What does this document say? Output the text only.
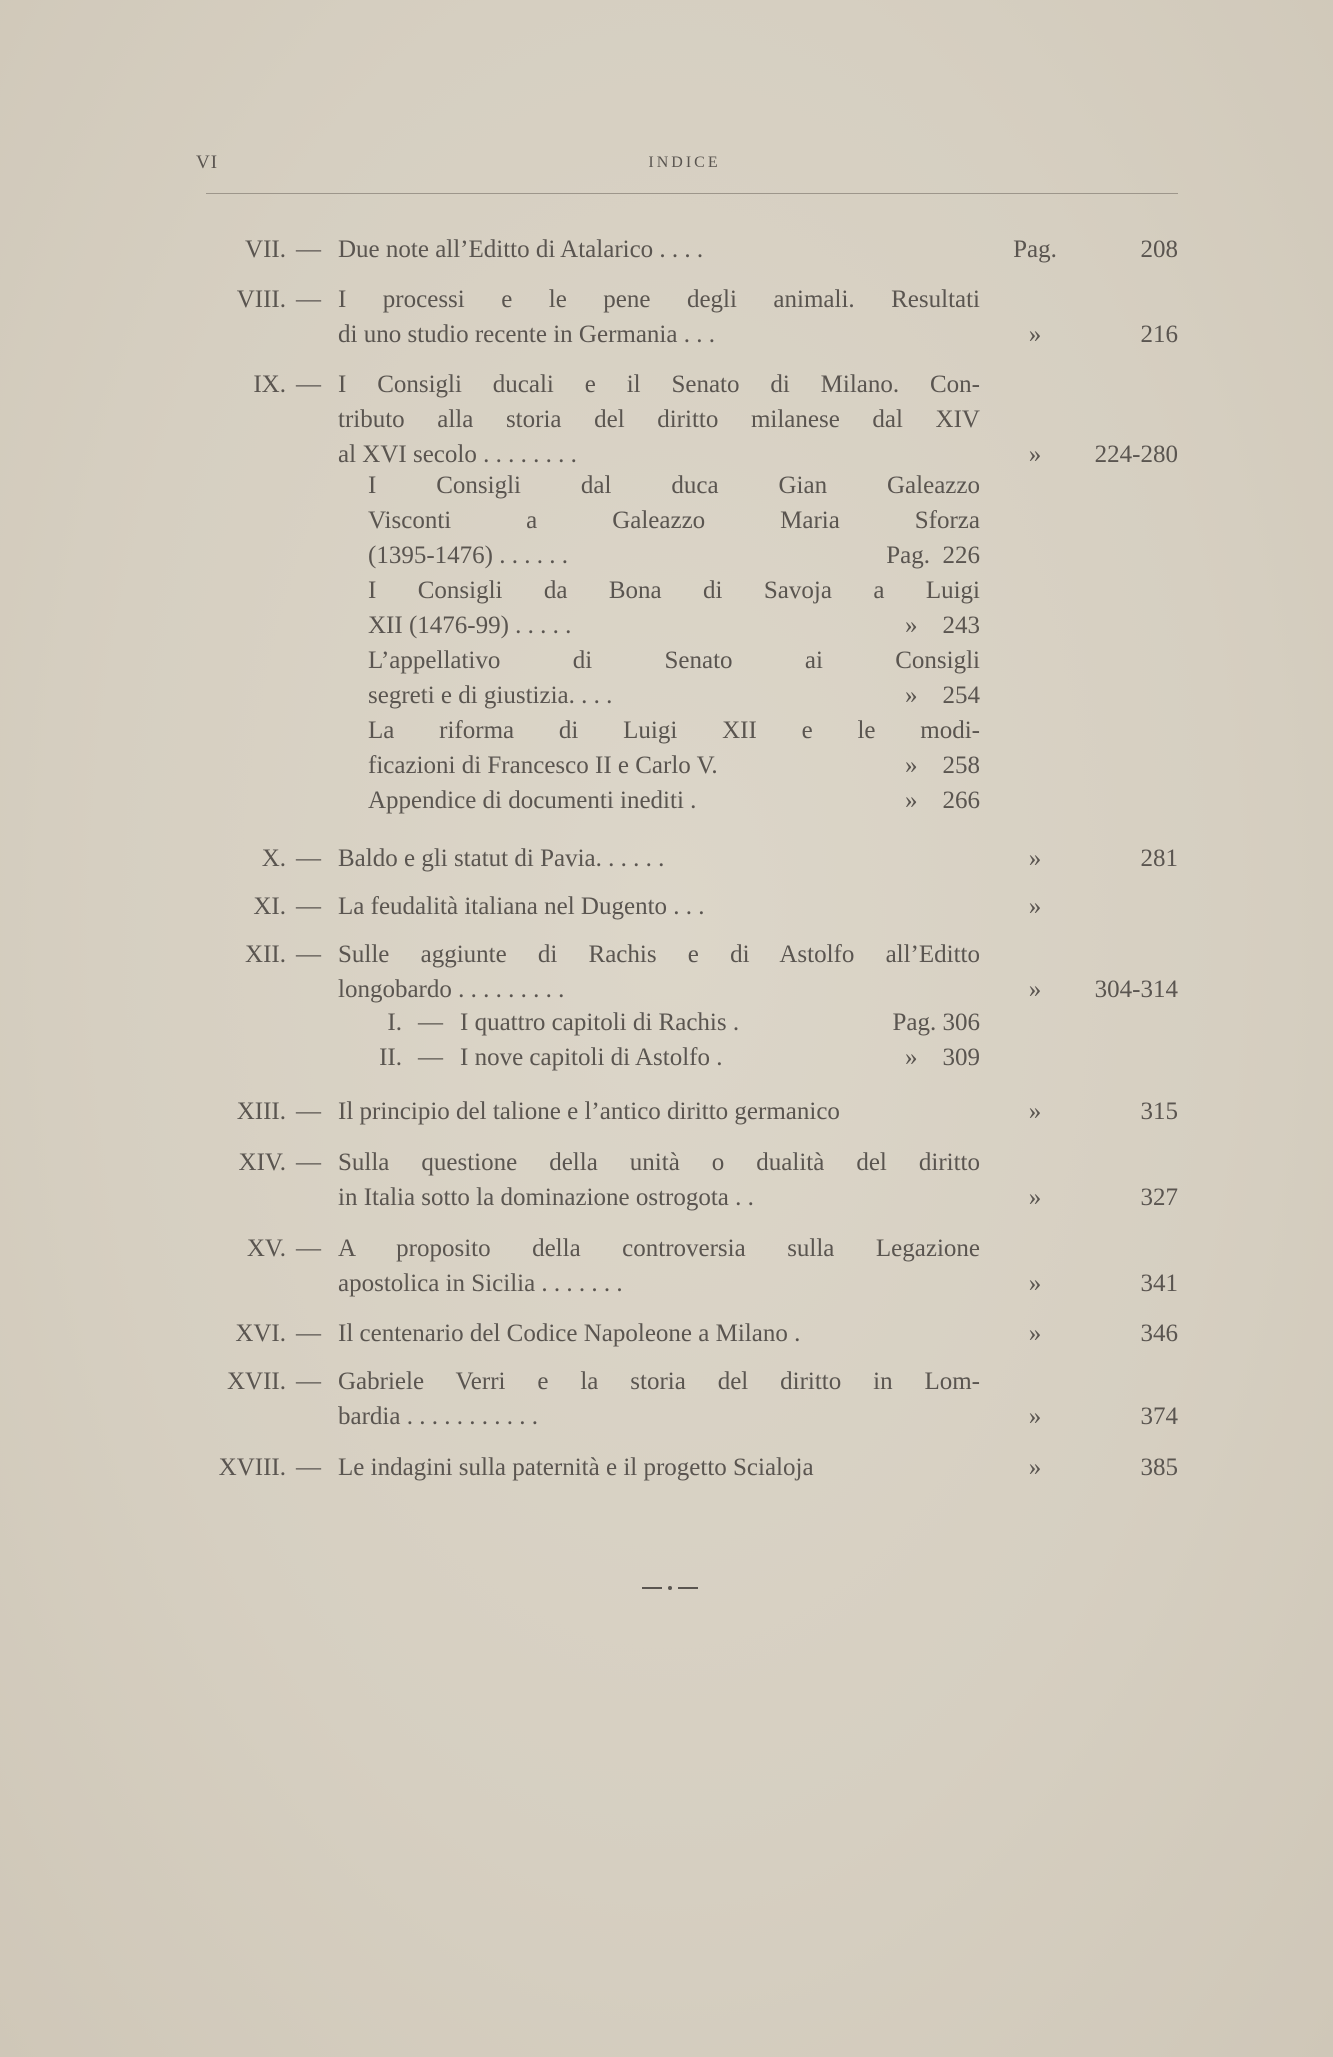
VI	INDICE
VII. — Due note all’Editto di Atalarico . . . .	Pag.	208
VIII. — I processi e le pene degli animali. Resultati
di uno studio recente in Germania . . .	»	216
IX. — I Consigli ducali e il Senato di Milano. Con-
tributo alla storia del diritto milanese dal XIV
al XVI secolo . . . . . . . .	»	224-280
I Consigli dal duca Gian Galeazzo
Visconti a Galeazzo Maria Sforza
(1395-1476) . . . . . .	Pag. 226
I Consigli da Bona di Savoja a Luigi
XII (1476-99) . . . . .	» 243
L’appellativo di Senato ai Consigli
segreti e di giustizia. . . .	» 254
La riforma di Luigi XII e le modi-
ficazioni di Francesco II e Carlo V.	» 258
Appendice di documenti inediti .	» 266
X. — Baldo e gli statut di Pavia. . . . . .	»	281
XI. — La feudalità italiana nel Dugento . . .	»
XII. — Sulle aggiunte di Rachis e di Astolfo all’Editto
longobardo . . . . . . . . .	»	304-314
I. — I quattro capitoli di Rachis .	Pag. 306
II. — I nove capitoli di Astolfo .	» 309
XIII. — Il principio del talione e l’antico diritto germanico	»	315
XIV. — Sulla questione della unità o dualità del diritto
in Italia sotto la dominazione ostrogota . .	»	327
XV. — A proposito della controversia sulla Legazione
apostolica in Sicilia . . . . . . .	»	341
XVI. — Il centenario del Codice Napoleone a Milano .	»	346
XVII. — Gabriele Verri e la storia del diritto in Lom-
bardia . . . . . . . . . . .	»	374
XVIII. — Le indagini sulla paternità e il progetto Scialoja	»	385
